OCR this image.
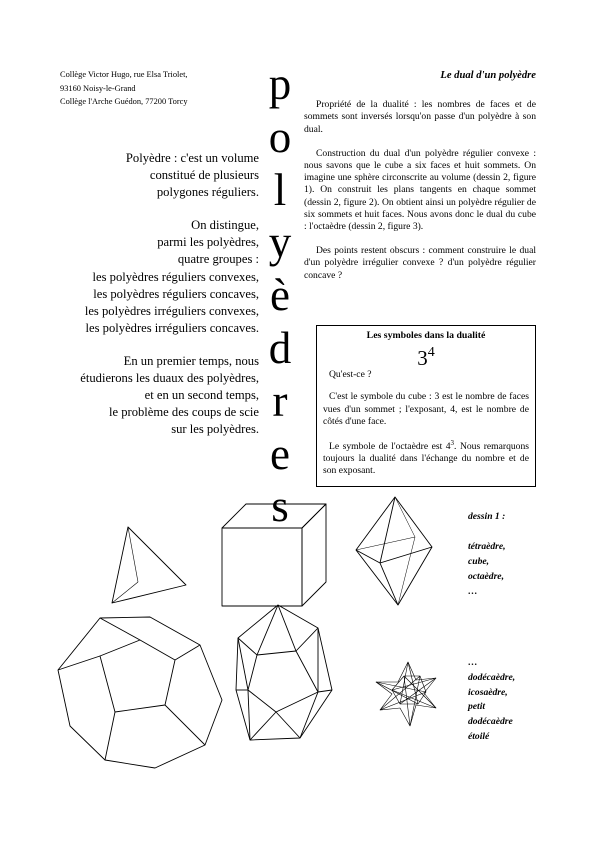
Collège Victor Hugo, rue Elsa Triolet,
93160 Noisy-le-Grand
Collège l'Arche Guédon, 77200 Torcy p
o
l
y
è
d
r
e
s

Polyèdre : c'est un volume
constitué de plusieurs
polygones réguliers.

On distingue,
parmi les polyèdres,
quatre groupes :
les polyèdres réguliers convexes,
les polyèdres réguliers concaves,
les polyèdres irréguliers convexes,
les polyèdres irréguliers concaves.

En un premier temps, nous
étudierons les duaux des polyèdres,
et en un second temps,
le problème des coups de scie
sur les polyèdres.

Le dual d'un polyèdre

Propriété de la dualité : les nombres de faces et de sommets sont inversés lorsqu'on passe d'un polyèdre à son dual.

Construction du dual d'un polyèdre régulier convexe : nous savons que le cube a six faces et huit sommets. On imagine une sphère circonscrite au volume (dessin 2, figure 1). On construit les plans tangents en chaque sommet (dessin 2, figure 2). On obtient ainsi un polyèdre régulier de six sommets et huit faces. Nous avons donc le dual du cube : l'octaèdre (dessin 2, figure 3).

Des points restent obscurs : comment construire le dual d'un polyèdre irrégulier convexe ? d'un polyèdre régulier concave ?

Les symboles dans la dualité
$3^4$

Qu'est-ce ?

C'est le symbole du cube : 3 est le nombre de faces vues d'un sommet ; l'exposant, 4, est le nombre de côtés d'une face.

Le symbole de l'octaèdre est $4^3$. Nous remarquons toujours la dualité dans l'échange du nombre et de son exposant.

dessin 1 :
tétraèdre,
cube,
octaèdre,
…
…
dodécaèdre,
icosaèdre,
petit
dodécaèdre
étoilé
